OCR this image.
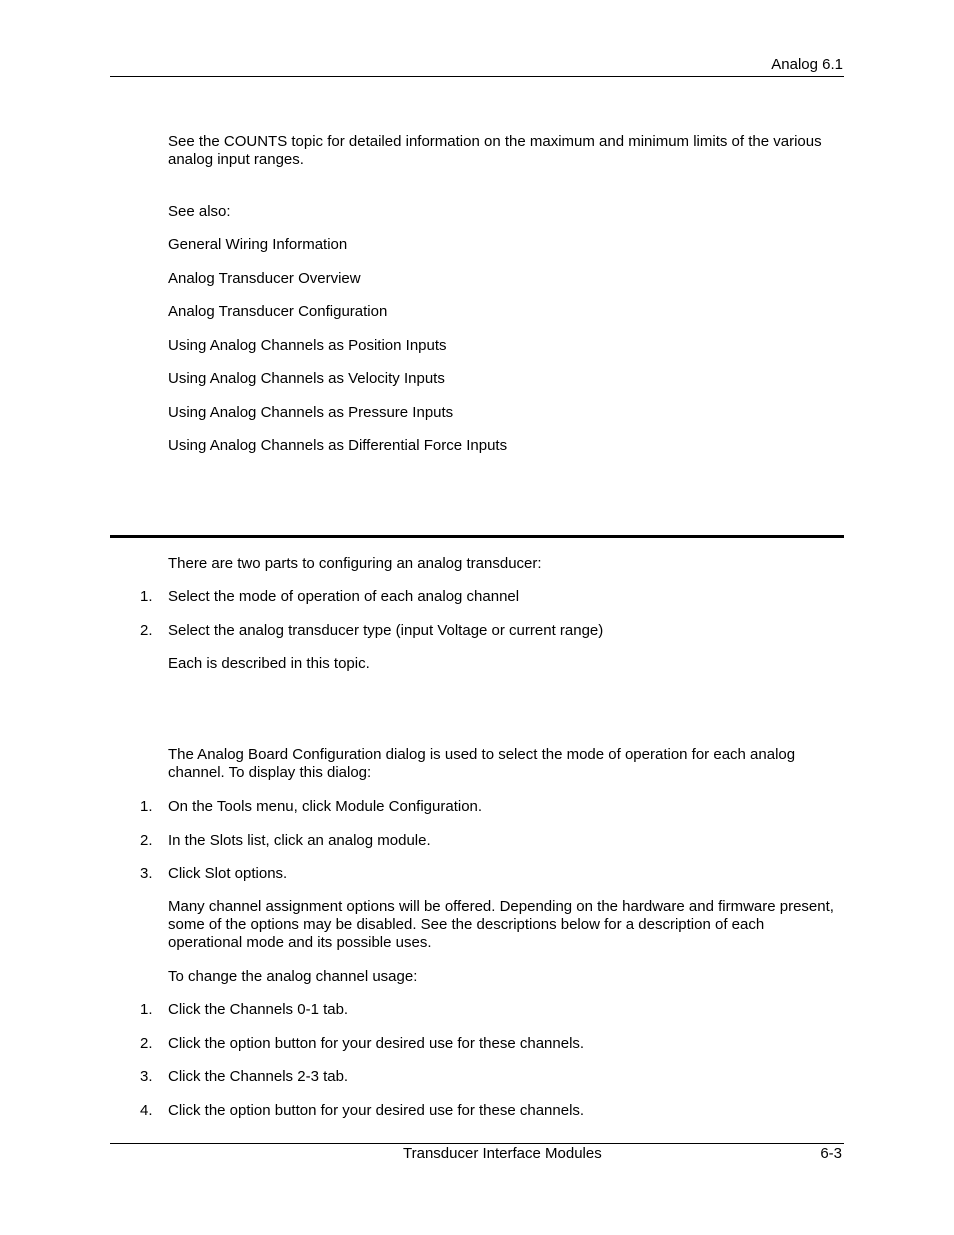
Analog 6.1

See the COUNTS topic for detailed information on the maximum and minimum limits of the various analog input ranges.

See also:
General Wiring Information
Analog Transducer Overview
Analog Transducer Configuration
Using Analog Channels as Position Inputs
Using Analog Channels as Velocity Inputs
Using Analog Channels as Pressure Inputs
Using Analog Channels as Differential Force Inputs
There are two parts to configuring an analog transducer:
1. Select the mode of operation of each analog channel
2. Select the analog transducer type (input Voltage or current range)
Each is described in this topic.

The Analog Board Configuration dialog is used to select the mode of operation for each analog channel. To display this dialog:

1. On the Tools menu, click Module Configuration.
2. In the Slots list, click an analog module.
3. Click Slot options.

Many channel assignment options will be offered. Depending on the hardware and firmware present, some of the options may be disabled. See the descriptions below for a description of each operational mode and its possible uses.

To change the analog channel usage:
1. Click the Channels 0-1 tab.
2. Click the option button for your desired use for these channels.
3. Click the Channels 2-3 tab.
4. Click the option button for your desired use for these channels.
Transducer Interface Modules	6-3
